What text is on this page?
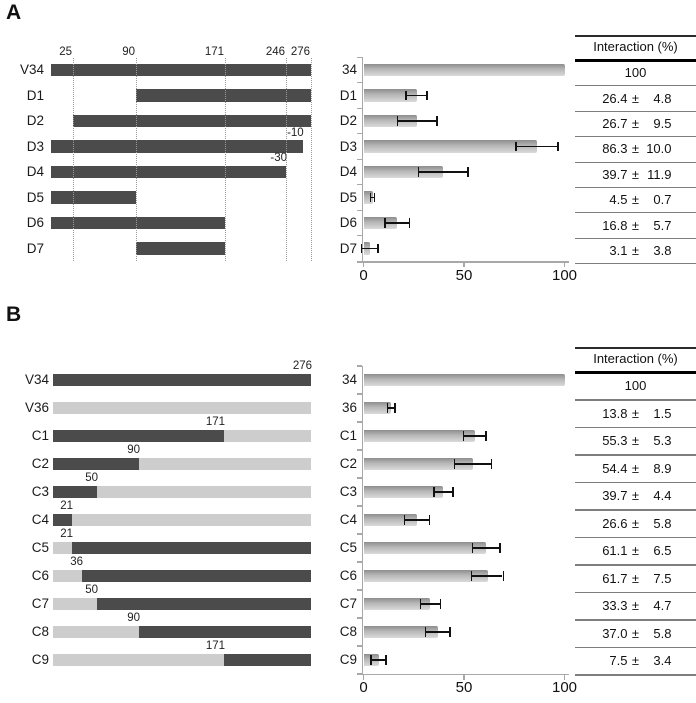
A
V34
D1
D2
D3
-10
D4
-30
D5
D6
D7
25	90	171	246 276
0	50	100
34
D1
D2
D3
D4
D5
D6
D7
Interaction (%)
100
26.4 ± 4.8
26.7 ± 9.5
86.3 ± 10.0
39.7 ± 11.9
4.5 ± 0.7
16.8 ± 5.7
3.1 ± 3.8
B
V34
276
V36
C1
171
C2
90
C3
50
C4
21
C5
21
C6
36
C7
50
C8
90
C9
171
0	50	100
34
36
C1
C2
C3
C4
C5
C6
C7
C8
C9
Interaction (%)
100
13.8 ± 1.5
55.3 ± 5.3
54.4 ± 8.9
39.7 ± 4.4
26.6 ± 5.8
61.1 ± 6.5
61.7 ± 7.5
33.3 ± 4.7
37.0 ± 5.8
7.5 ± 3.4
